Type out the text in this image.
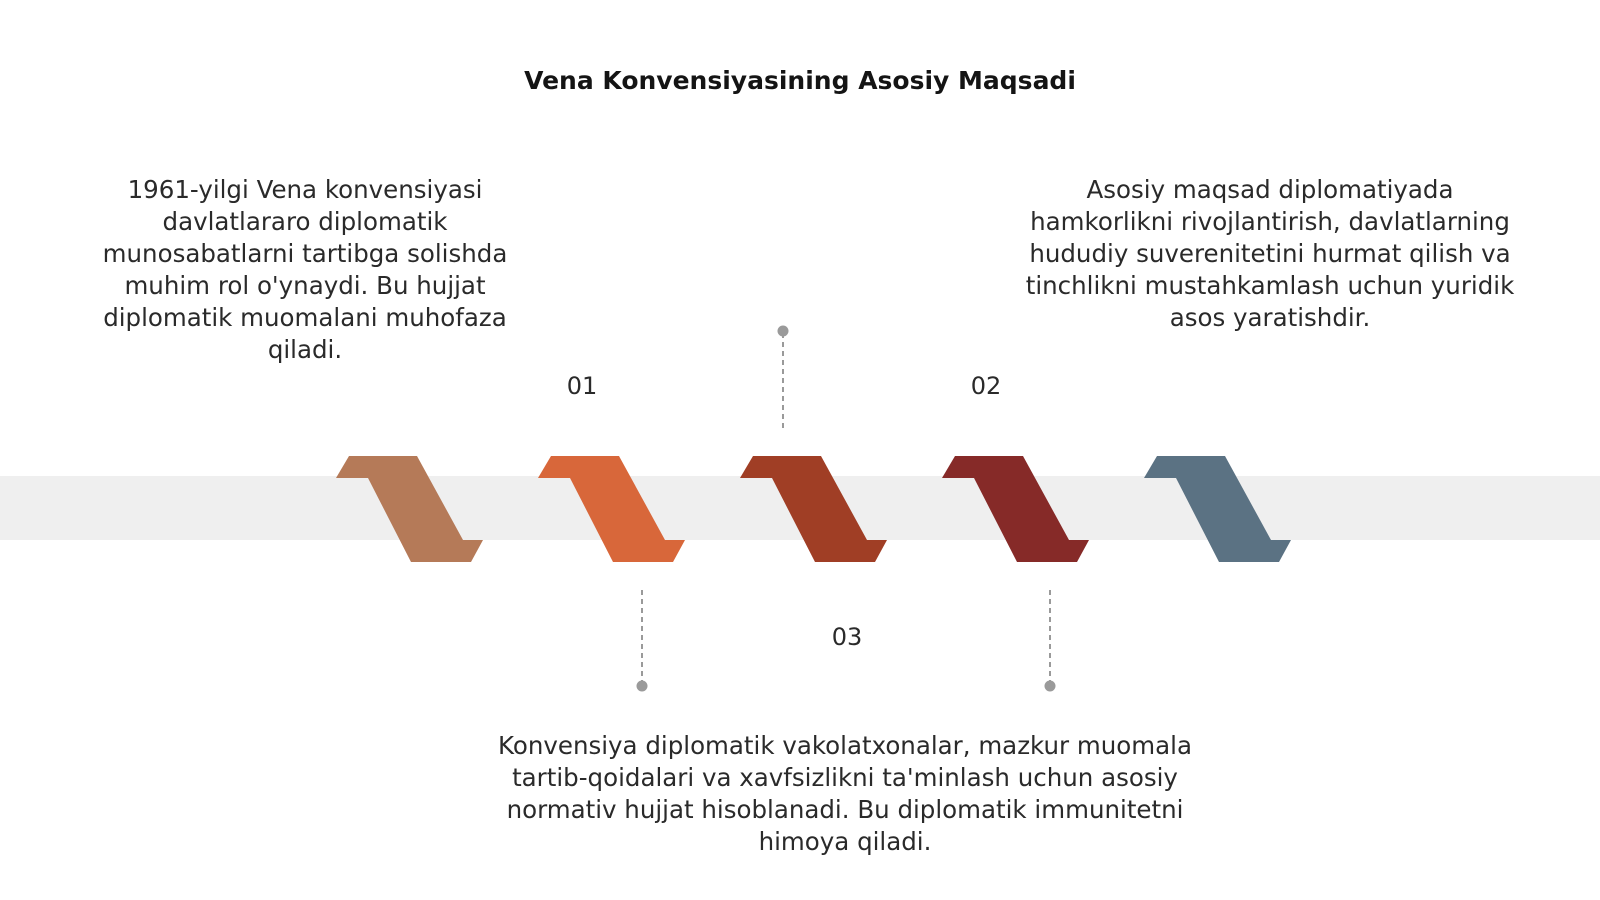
Vena Konvensiyasining Asosiy Maqsadi
1961-yilgi Vena konvensiyasi davlatlararo diplomatik munosabatlarni tartibga solishda muhim rol o'ynaydi. Bu hujjat diplomatik muomalani muhofaza qiladi.
Asosiy maqsad diplomatiyada hamkorlikni rivojlantirish, davlatlarning hududiy suverenitetini hurmat qilish va tinchlikni mustahkamlash uchun yuridik asos yaratishdir.
01	02
03
Konvensiya diplomatik vakolatxonalar, mazkur muomala tartib-qoidalari va xavfsizlikni ta'minlash uchun asosiy normativ hujjat hisoblanadi. Bu diplomatik immunitetni himoya qiladi.
